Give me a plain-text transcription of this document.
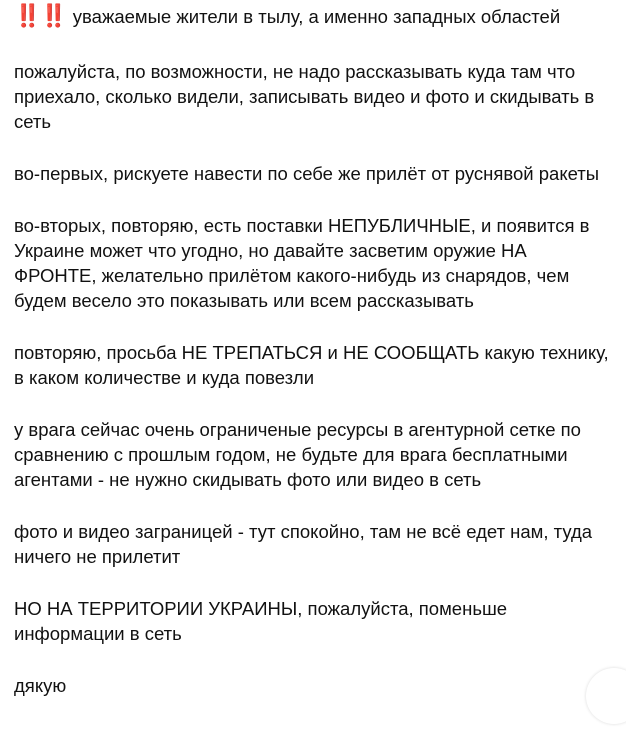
‼️‼️ уважаемые жители в тылу, а именно западных областей

пожалуйста, по возможности, не надо рассказывать куда там что приехало, сколько видели, записывать видео и фото и скидывать в сеть

во-первых, рискуете навести по себе же прилёт от руснявой ракеты

во-вторых, повторяю, есть поставки НЕПУБЛИЧНЫЕ, и появится в Украине может что угодно, но давайте засветим оружие НА ФРОНТЕ, желательно прилётом какого-нибудь из снарядов, чем будем весело это показывать или всем рассказывать

повторяю, просьба НЕ ТРЕПАТЬСЯ и НЕ СООБЩАТЬ какую технику, в каком количестве и куда повезли

у врага сейчас очень ограниченые ресурсы в агентурной сетке по сравнению с прошлым годом, не будьте для врага бесплатными агентами - не нужно скидывать фото или видео в сеть

фото и видео заграницей - тут спокойно, там не всё едет нам, туда ничего не прилетит

НО НА ТЕРРИТОРИИ УКРАИНЫ, пожалуйста, поменьше информации в сеть

дякую
